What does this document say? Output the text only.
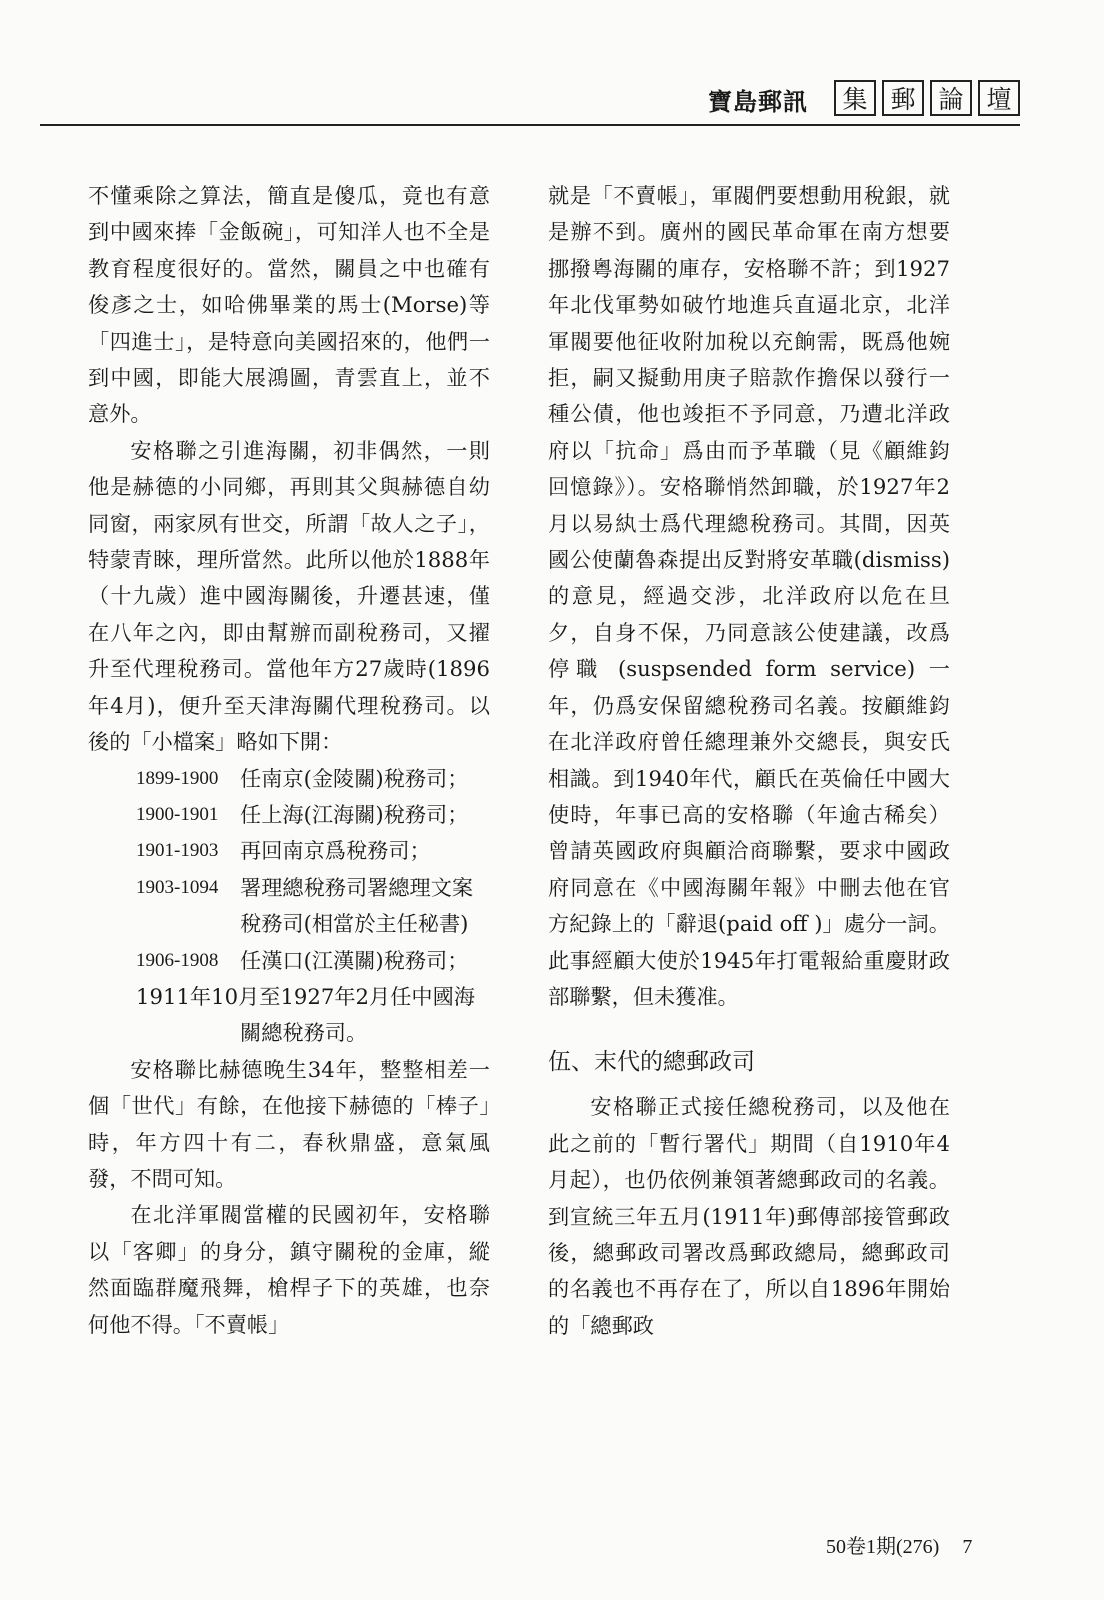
寶島郵訊	集 郵 論 壇

不懂乘除之算法，簡直是傻瓜，竟也有意到中國來捧「金飯碗」，可知洋人也不全是教育程度很好的。當然，關員之中也確有俊彥之士，如哈佛畢業的馬士(Morse)等「四進士」，是特意向美國招來的，他們一到中國，即能大展鴻圖，青雲直上，並不意外。

安格聯之引進海關，初非偶然，一則他是赫德的小同鄉，再則其父與赫德自幼同窗，兩家夙有世交，所謂「故人之子」，特蒙青睞，理所當然。此所以他於1888年（十九歲）進中國海關後，升遷甚速，僅在八年之內，即由幫辦而副稅務司，又擢升至代理稅務司。當他年方27歲時(1896年4月)，便升至天津海關代理稅務司。以後的「小檔案」略如下開：

1899-1900	任南京(金陵關)稅務司；
1900-1901	任上海(江海關)稅務司；
1901-1903	再回南京爲稅務司；
1903-1094	署理總稅務司署總理文案稅務司(相當於主任秘書)
1906-1908	任漢口(江漢關)稅務司；
1911年10月至1927年2月任中國海
關總稅務司。

安格聯比赫德晚生34年，整整相差一個「世代」有餘，在他接下赫德的「棒子」時，年方四十有二，春秋鼎盛，意氣風發，不問可知。

在北洋軍閥當權的民國初年，安格聯以「客卿」的身分，鎮守關稅的金庫，縱然面臨群魔飛舞，槍桿子下的英雄，也奈何他不得。「不賣帳」

就是「不賣帳」，軍閥們要想動用稅銀，就是辦不到。廣州的國民革命軍在南方想要挪撥粵海關的庫存，安格聯不許；到1927年北伐軍勢如破竹地進兵直逼北京，北洋軍閥要他征收附加稅以充餉需，既爲他婉拒，嗣又擬動用庚子賠款作擔保以發行一種公債，他也竣拒不予同意，乃遭北洋政府以「抗命」爲由而予革職（見《顧維鈞回憶錄》）。安格聯悄然卸職，於1927年2月以易紈士爲代理總稅務司。其間，因英國公使蘭魯森提出反對將安革職(dismiss)的意見，經過交涉，北洋政府以危在旦夕，自身不保，乃同意該公使建議，改爲停職 (suspsended form service) 一年，仍爲安保留總稅務司名義。按顧維鈞在北洋政府曾任總理兼外交總長，與安氏相識。到1940年代，顧氏在英倫任中國大使時，年事已高的安格聯（年逾古稀矣）曾請英國政府與顧洽商聯繫，要求中國政府同意在《中國海關年報》中刪去他在官方紀錄上的「辭退(paid off )」處分一詞。此事經顧大使於1945年打電報給重慶財政部聯繫，但未獲准。

伍、末代的總郵政司

安格聯正式接任總稅務司，以及他在此之前的「暫行署代」期間（自1910年4月起），也仍依例兼領著總郵政司的名義。到宣統三年五月(1911年)郵傳部接管郵政後，總郵政司署改爲郵政總局，總郵政司的名義也不再存在了，所以自1896年開始的「總郵政

50卷1期(276) 7
